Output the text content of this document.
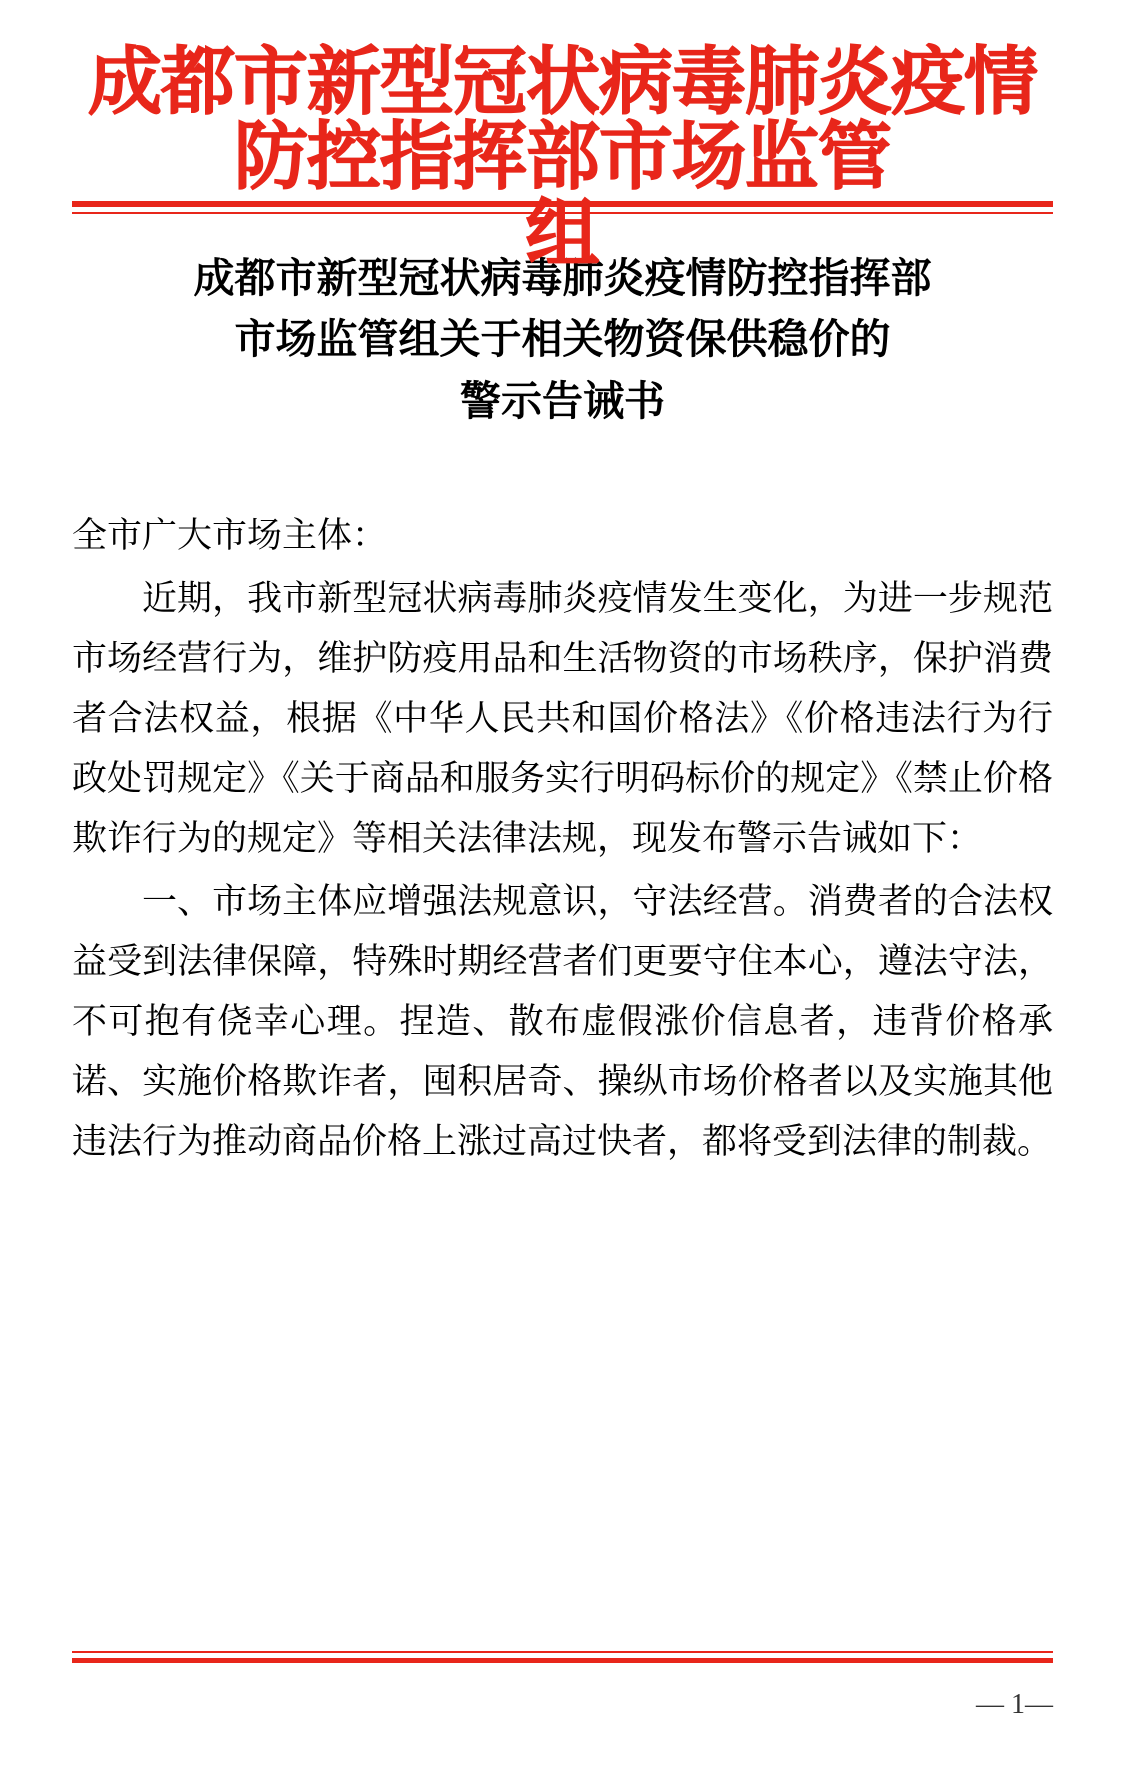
成都市新型冠状病毒肺炎疫情防控指挥部市场监管
组
成都市新型冠状病毒肺炎疫情防控指挥部
市场监管组关于相关物资保供稳价的
警示告诫书

全市广大市场主体：

近期，我市新型冠状病毒肺炎疫情发生变化，为进一步规范市场经营行为，维护防疫用品和生活物资的市场秩序，保护消费者合法权益，根据《中华人民共和国价格法》《价格违法行为行政处罚规定》《关于商品和服务实行明码标价的规定》《禁止价格欺诈行为的规定》等相关法律法规，现发布警示告诫如下：

一、市场主体应增强法规意识，守法经营。消费者的合法权益受到法律保障，特殊时期经营者们更要守住本心，遵法守法，不可抱有侥幸心理。捏造、散布虚假涨价信息者，违背价格承诺、实施价格欺诈者，囤积居奇、操纵市场价格者以及实施其他违法行为推动商品价格上涨过高过快者，都将受到法律的制裁。

— 1—
